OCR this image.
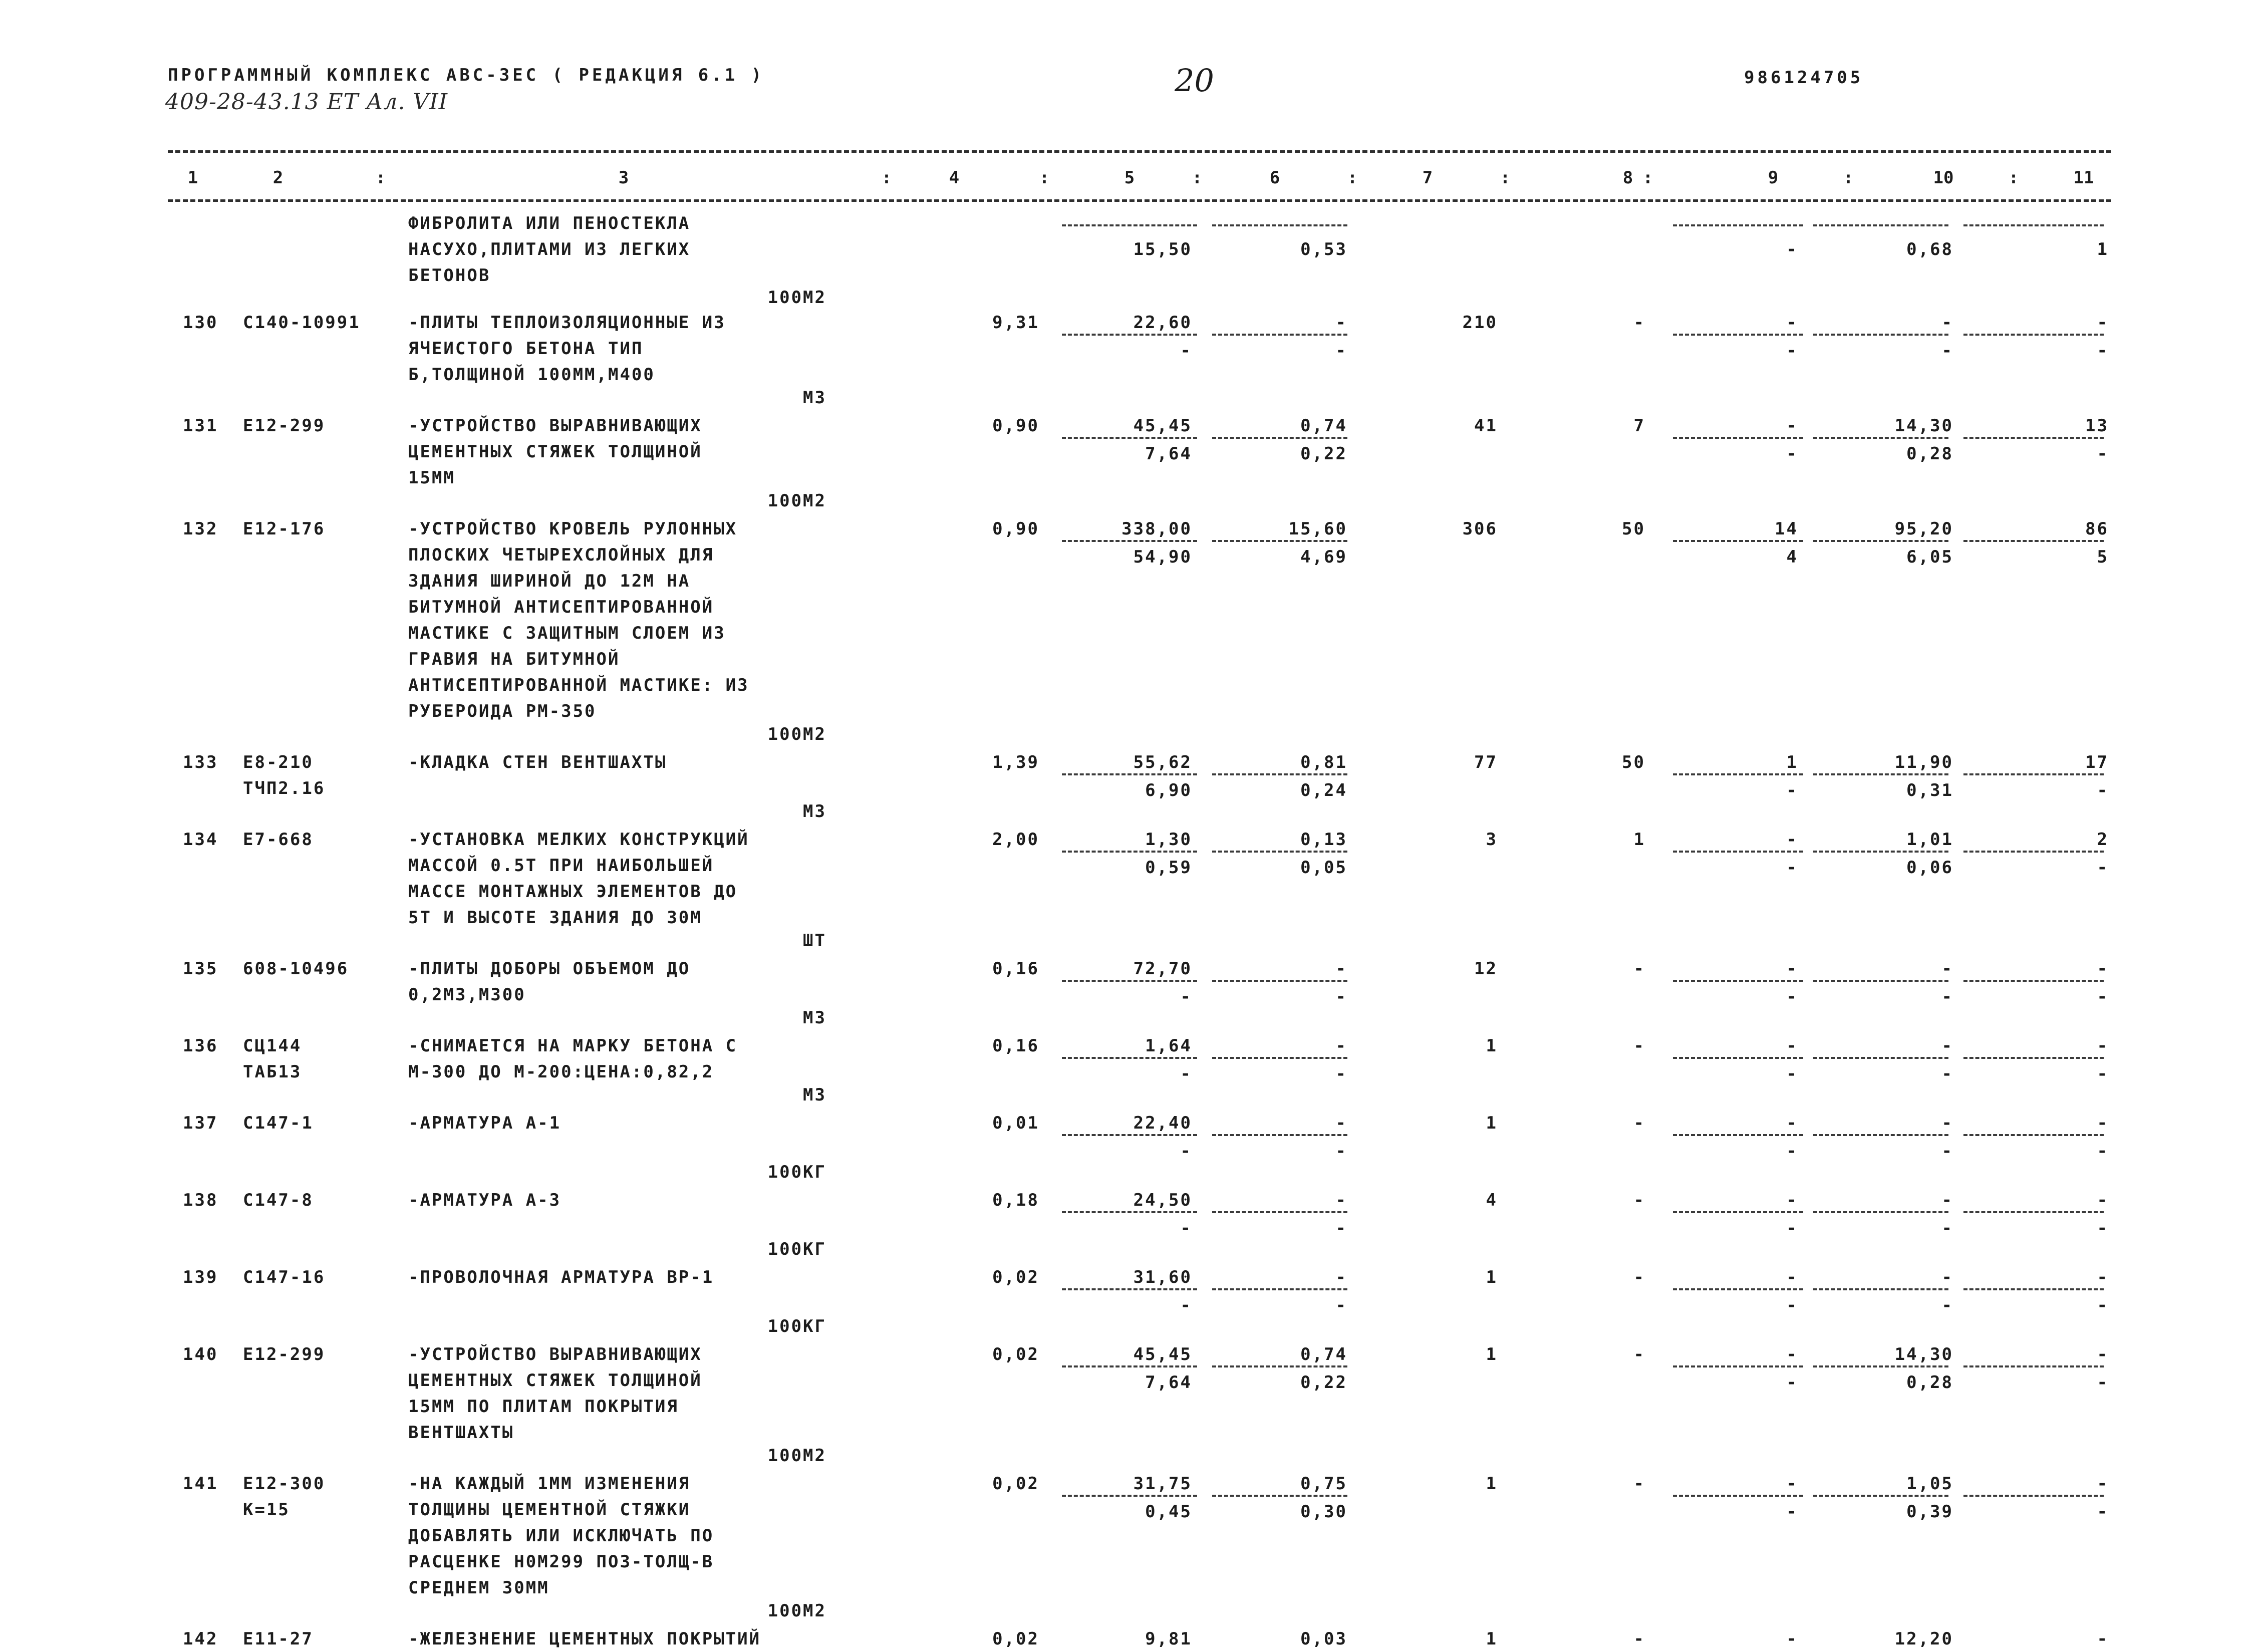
ПРОГРАММНЫЙ КОМПЛЕКС АВС-3ЕС ( РЕДАКЦИЯ 6.1 )
409-28-43.13 ЕТ Ал. VII
20	986124705
1	2	3	4	5	6	7	8	9	10	11
:	:	:	:	:	:	:	:	:
ФИБРОЛИТА ИЛИ ПЕНОСТЕКЛА
НАСУХО,ПЛИТАМИ ИЗ ЛЕГКИХ
БЕТОНОВ
15,50	0,53	-	0,68	1
100М2
130 С140-10991	-ПЛИТЫ ТЕПЛОИЗОЛЯЦИОННЫЕ ИЗ
ЯЧЕИСТОГО БЕТОНА ТИП
Б,ТОЛЩИНОЙ 100ММ,М400
9,31	22,60	-	210	-	-	-	-
-	-	-	-	-
М3
131 Е12-299	-УСТРОЙСТВО ВЫРАВНИВАЮЩИХ
ЦЕМЕНТНЫХ СТЯЖЕК ТОЛЩИНОЙ
15ММ
0,90	45,45	0,74	41	7	-	14,30	13
7,64	0,22	-	0,28	-
100М2
132 Е12-176	-УСТРОЙСТВО КРОВЕЛЬ РУЛОННЫХ
ПЛОСКИХ ЧЕТЫРЕХСЛОЙНЫХ ДЛЯ
ЗДАНИЯ ШИРИНОЙ ДО 12М НА
БИТУМНОЙ АНТИСЕПТИРОВАННОЙ
МАСТИКЕ С ЗАЩИТНЫМ СЛОЕМ ИЗ
ГРАВИЯ НА БИТУМНОЙ
АНТИСЕПТИРОВАННОЙ МАСТИКЕ: ИЗ
РУБЕРОИДА РМ-350
0,90	338,00	15,60	306	50	14	95,20	86
54,90	4,69	4	6,05	5
100М2
133 Е8-210
ТЧП2.16
-КЛАДКА СТЕН ВЕНТШАХТЫ	1,39	55,62	0,81	77	50	1	11,90	17
6,90	0,24	-	0,31	-
М3
134 Е7-668	-УСТАНОВКА МЕЛКИХ КОНСТРУКЦИЙ
МАССОЙ 0.5Т ПРИ НАИБОЛЬШЕЙ
МАССЕ МОНТАЖНЫХ ЭЛЕМЕНТОВ ДО
5Т И ВЫСОТЕ ЗДАНИЯ ДО 30М
2,00	1,30	0,13	3	1	-	1,01	2
0,59	0,05	-	0,06	-
ШТ
135 608-10496	-ПЛИТЫ ДОБОРЫ ОБЪЕМОМ ДО
0,2М3,М300
0,16	72,70	-	12	-	-	-	-
-	-	-	-	-
М3
136 СЦ144
ТАБ13
-СНИМАЕТСЯ НА МАРКУ БЕТОНА С
М-300 ДО М-200:ЦЕНА:0,82,2
0,16	1,64	-	1	-	-	-	-
-	-	-	-	-
М3
137 С147-1	-АРМАТУРА А-1	0,01	22,40	-	1	-	-	-	-
-	-	-	-	-
100КГ
138 С147-8	-АРМАТУРА А-3	0,18	24,50	-	4	-	-	-	-
-	-	-	-	-
100КГ
139 С147-16	-ПРОВОЛОЧНАЯ АРМАТУРА ВР-1	0,02	31,60	-	1	-	-	-	-
-	-	-	-	-
100КГ
140 Е12-299	-УСТРОЙСТВО ВЫРАВНИВАЮЩИХ
ЦЕМЕНТНЫХ СТЯЖЕК ТОЛЩИНОЙ
15ММ ПО ПЛИТАМ ПОКРЫТИЯ
ВЕНТШАХТЫ
0,02	45,45	0,74	1	-	-	14,30	-
7,64	0,22	-	0,28	-
100М2
141 Е12-300
К=15
-НА КАЖДЫЙ 1ММ ИЗМЕНЕНИЯ
ТОЛЩИНЫ ЦЕМЕНТНОЙ СТЯЖКИ
ДОБАВЛЯТЬ ИЛИ ИСКЛЮЧАТЬ ПО
РАСЦЕНКЕ Н0М299 ПОЗ-ТОЛЩ-В
СРЕДНЕМ 30ММ
0,02	31,75	0,75	1	-	-	1,05	-
0,45	0,30	-	0,39	-
100М2
142 Е11-27	-ЖЕЛЕЗНЕНИЕ ЦЕМЕНТНЫХ ПОКРЫТИЙ	0,02	9,81	0,03	1	-	-	12,20	-
